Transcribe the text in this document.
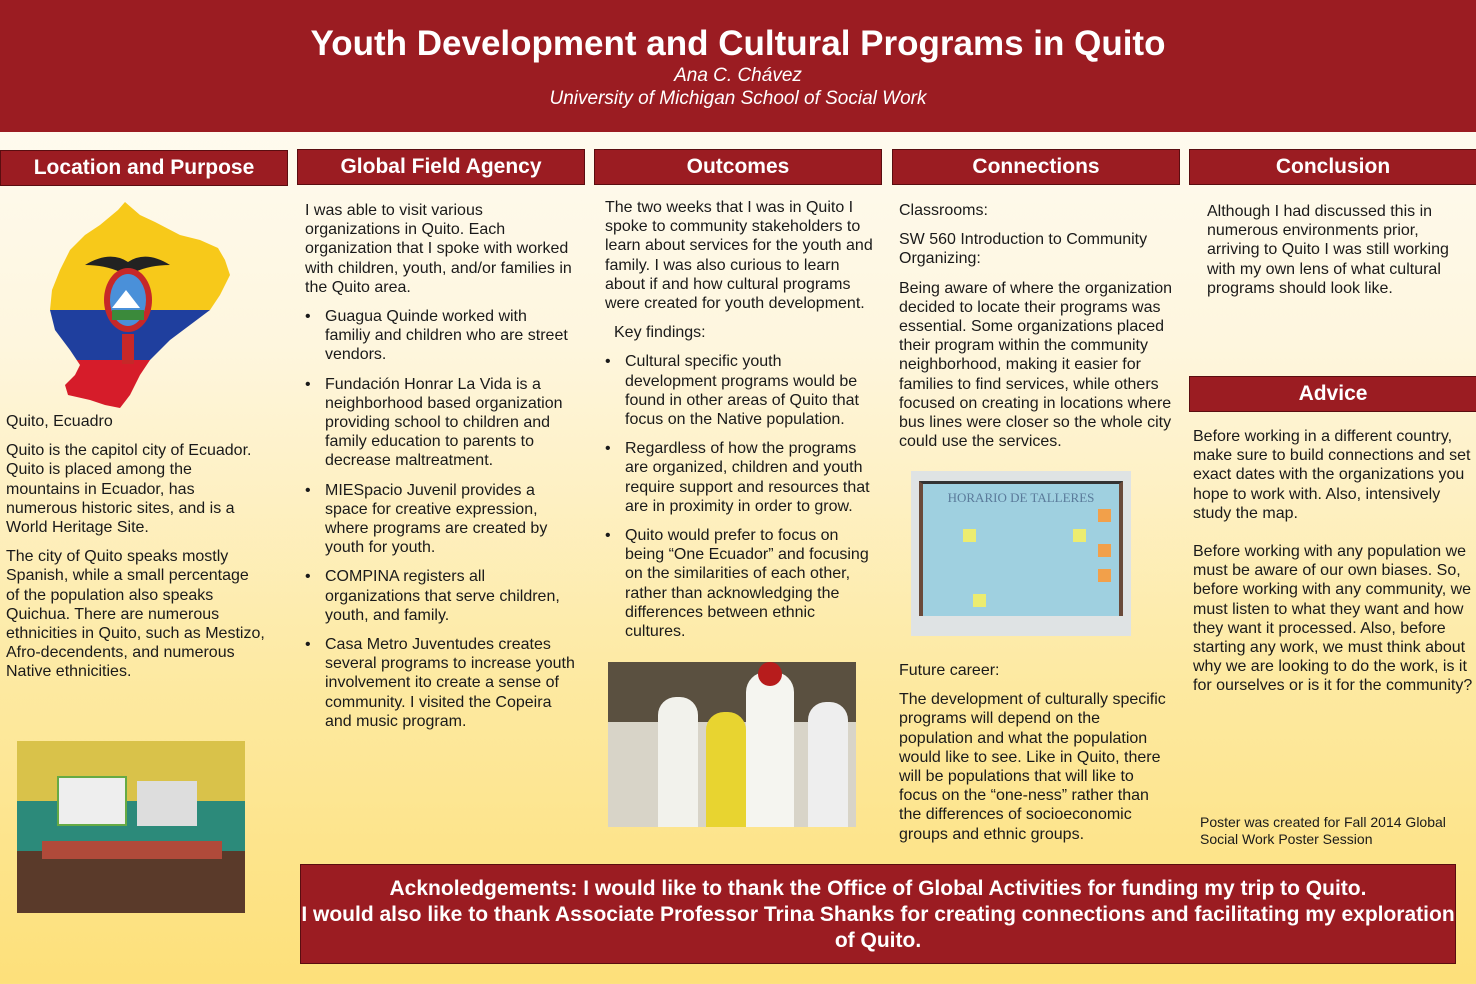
Youth Development and Cultural Programs in Quito
Ana C. Chávez
University of Michigan School of Social Work
Location and Purpose

Quito, Ecuadro

Quito is the capitol city of Ecuador. Quito is placed among the mountains in Ecuador, has numerous historic sites, and is a World Heritage Site.

The city of Quito speaks mostly Spanish, while a small percentage of the population also speaks Quichua. There are numerous ethnicities in Quito, such as Mestizo, Afro-decendents, and numerous Native ethnicities.

Global Field Agency

I was able to visit various organizations in Quito. Each organization that I spoke with worked with children, youth, and/or families in the Quito area.

• Guagua Quinde worked with familiy and children who are street vendors.
• Fundación Honrar La Vida is a neighborhood based organization providing school to children and family education to parents to decrease maltreatment.
• MIESpacio Juvenil provides a space for creative expression, where programs are created by youth for youth.
• COMPINA registers all organizations that serve children, youth, and family.
• Casa Metro Juventudes creates several programs to increase youth involvement ito create a sense of community. I visited the Copeira and music program.
Outcomes

The two weeks that I was in Quito I spoke to community stakeholders to learn about services for the youth and family. I was also curious to learn about if and how cultural programs were created for youth development.

Key findings:

• Cultural specific youth development programs would be found in other areas of Quito that focus on the Native population.
• Regardless of how the programs are organized, children and youth require support and resources that are in proximity in order to grow.
• Quito would prefer to focus on being “One Ecuador” and focusing on the similarities of each other, rather than acknowledging the differences between ethnic cultures.
Connections

Classrooms:

SW 560 Introduction to Community Organizing:

Being aware of where the organization decided to locate their programs was essential. Some organizations placed their program within the community neighborhood, making it easier for families to find services, while others focused on creating in locations where bus lines were closer so the whole city could use the services.

HORARIO DE TALLERES

Future career:

The development of culturally specific programs will depend on the population and what the population would like to see. Like in Quito, there will be populations that will like to focus on the “one-ness” rather than the differences of socioeconomic groups and ethnic groups.

Conclusion

Although I had discussed this in numerous environments prior, arriving to Quito I was still working with my own lens of what cultural programs should look like.

Advice

Before working in a different country, make sure to build connections and set exact dates with the organizations you hope to work with. Also, intensively study the map.

Before working with any population we must be aware of our own biases. So, before working with any community, we must listen to what they want and how they want it processed. Also, before starting any work, we must think about why we are looking to do the work, is it for ourselves or is it for the community?

Poster was created for Fall 2014 Global Social Work Poster Session
Acknoledgements: I would like to thank the Office of Global Activities for funding my trip to Quito.
I would also like to thank Associate Professor Trina Shanks for creating connections and facilitating my exploration of Quito.
